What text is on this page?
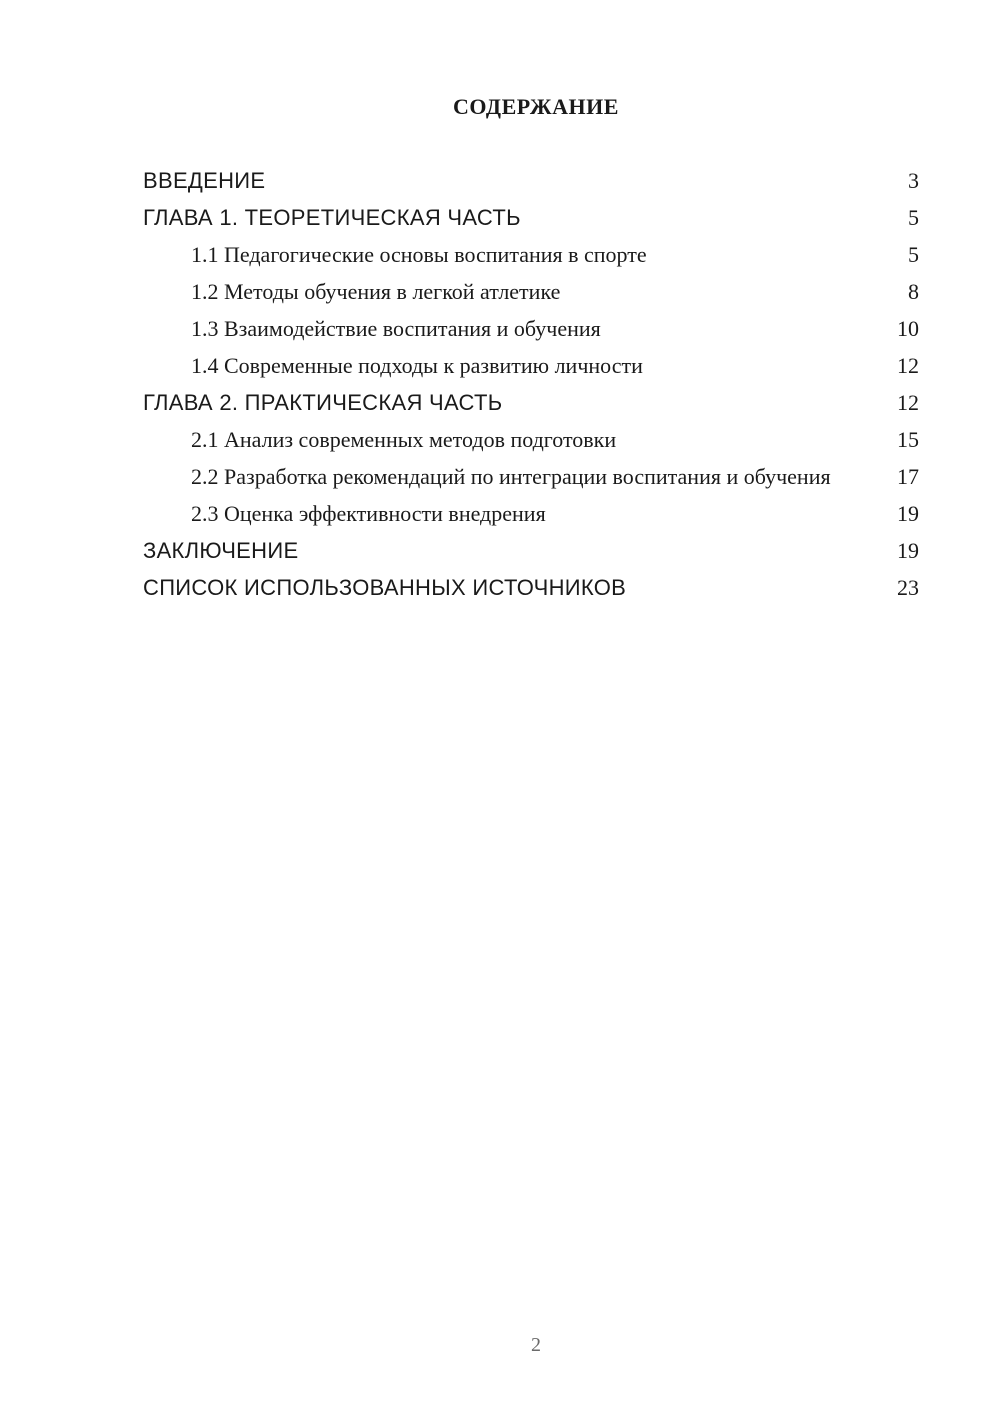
СОДЕРЖАНИЕ
ВВЕДЕНИЕ	3
ГЛАВА 1. ТЕОРЕТИЧЕСКАЯ ЧАСТЬ	5
1.1 Педагогические основы воспитания в спорте	5
1.2 Методы обучения в легкой атлетике	8
1.3 Взаимодействие воспитания и обучения	10
1.4 Современные подходы к развитию личности	12
ГЛАВА 2. ПРАКТИЧЕСКАЯ ЧАСТЬ	12
2.1 Анализ современных методов подготовки	15
2.2 Разработка рекомендаций по интеграции воспитания и обучения	17
2.3 Оценка эффективности внедрения	19
ЗАКЛЮЧЕНИЕ	19
СПИСОК ИСПОЛЬЗОВАННЫХ ИСТОЧНИКОВ	23
2
